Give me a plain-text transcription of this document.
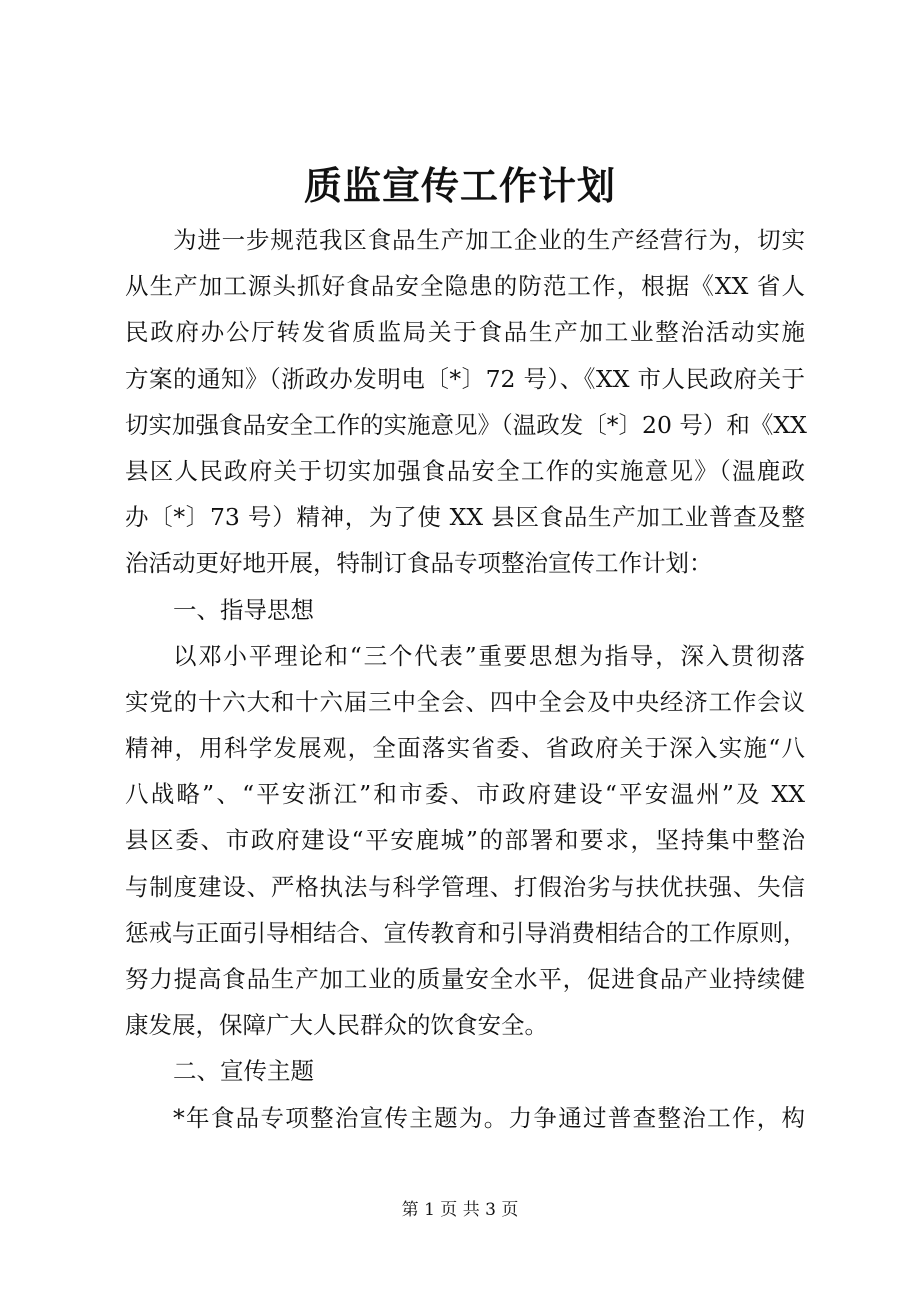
质监宣传工作计划
为进一步规范我区食品生产加工企业的生产经营行为，切实
从生产加工源头抓好食品安全隐患的防范工作，根据《XX 省人
民政府办公厅转发省质监局关于食品生产加工业整治活动实施
方案的通知》（浙政办发明电〔*〕72 号）、《XX 市人民政府关于
切实加强食品安全工作的实施意见》（温政发〔*〕20 号）和《XX
县区人民政府关于切实加强食品安全工作的实施意见》（温鹿政
办〔*〕73 号）精神，为了使 XX 县区食品生产加工业普查及整
治活动更好地开展，特制订食品专项整治宣传工作计划：
一、指导思想
以邓小平理论和“三个代表”重要思想为指导，深入贯彻落
实党的十六大和十六届三中全会、四中全会及中央经济工作会议
精神，用科学发展观，全面落实省委、省政府关于深入实施“八
八战略”、“平安浙江”和市委、市政府建设“平安温州”及 XX
县区委、市政府建设“平安鹿城”的部署和要求，坚持集中整治
与制度建设、严格执法与科学管理、打假治劣与扶优扶强、失信
惩戒与正面引导相结合、宣传教育和引导消费相结合的工作原则，
努力提高食品生产加工业的质量安全水平，促进食品产业持续健
康发展，保障广大人民群众的饮食安全。
二、宣传主题
*年食品专项整治宣传主题为。力争通过普查整治工作，构
第 1 页 共 3 页
